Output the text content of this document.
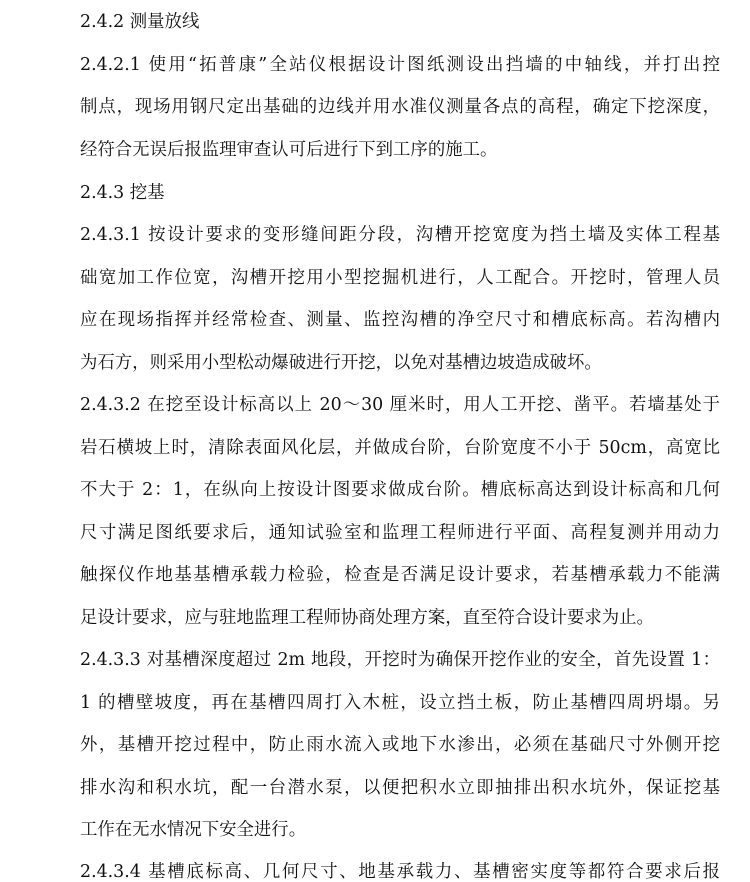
2.4.2 测量放线
2.4.2.1 使用“拓普康”全站仪根据设计图纸测设出挡墙的中轴线，并打出控
制点，现场用钢尺定出基础的边线并用水准仪测量各点的高程，确定下挖深度，
经符合无误后报监理审查认可后进行下到工序的施工。
2.4.3 挖基
2.4.3.1 按设计要求的变形缝间距分段，沟槽开挖宽度为挡土墙及实体工程基
础宽加工作位宽，沟槽开挖用小型挖掘机进行，人工配合。开挖时，管理人员
应在现场指挥并经常检查、测量、监控沟槽的净空尺寸和槽底标高。若沟槽内
为石方，则采用小型松动爆破进行开挖，以免对基槽边坡造成破坏。
2.4.3.2 在挖至设计标高以上 20～30 厘米时，用人工开挖、凿平。若墙基处于
岩石横坡上时，清除表面风化层，并做成台阶，台阶宽度不小于 50cm，高宽比
不大于 2：1，在纵向上按设计图要求做成台阶。槽底标高达到设计标高和几何
尺寸满足图纸要求后，通知试验室和监理工程师进行平面、高程复测并用动力
触探仪作地基基槽承载力检验，检查是否满足设计要求，若基槽承载力不能满
足设计要求，应与驻地监理工程师协商处理方案，直至符合设计要求为止。
2.4.3.3 对基槽深度超过 2m 地段，开挖时为确保开挖作业的安全，首先设置 1：
1 的槽壁坡度，再在基槽四周打入木桩，设立挡土板，防止基槽四周坍塌。另
外，基槽开挖过程中，防止雨水流入或地下水渗出，必须在基础尺寸外侧开挖
排水沟和积水坑，配一台潜水泵，以便把积水立即抽排出积水坑外，保证挖基
工作在无水情况下安全进行。
2.4.3.4 基槽底标高、几何尺寸、地基承载力、基槽密实度等都符合要求后报
